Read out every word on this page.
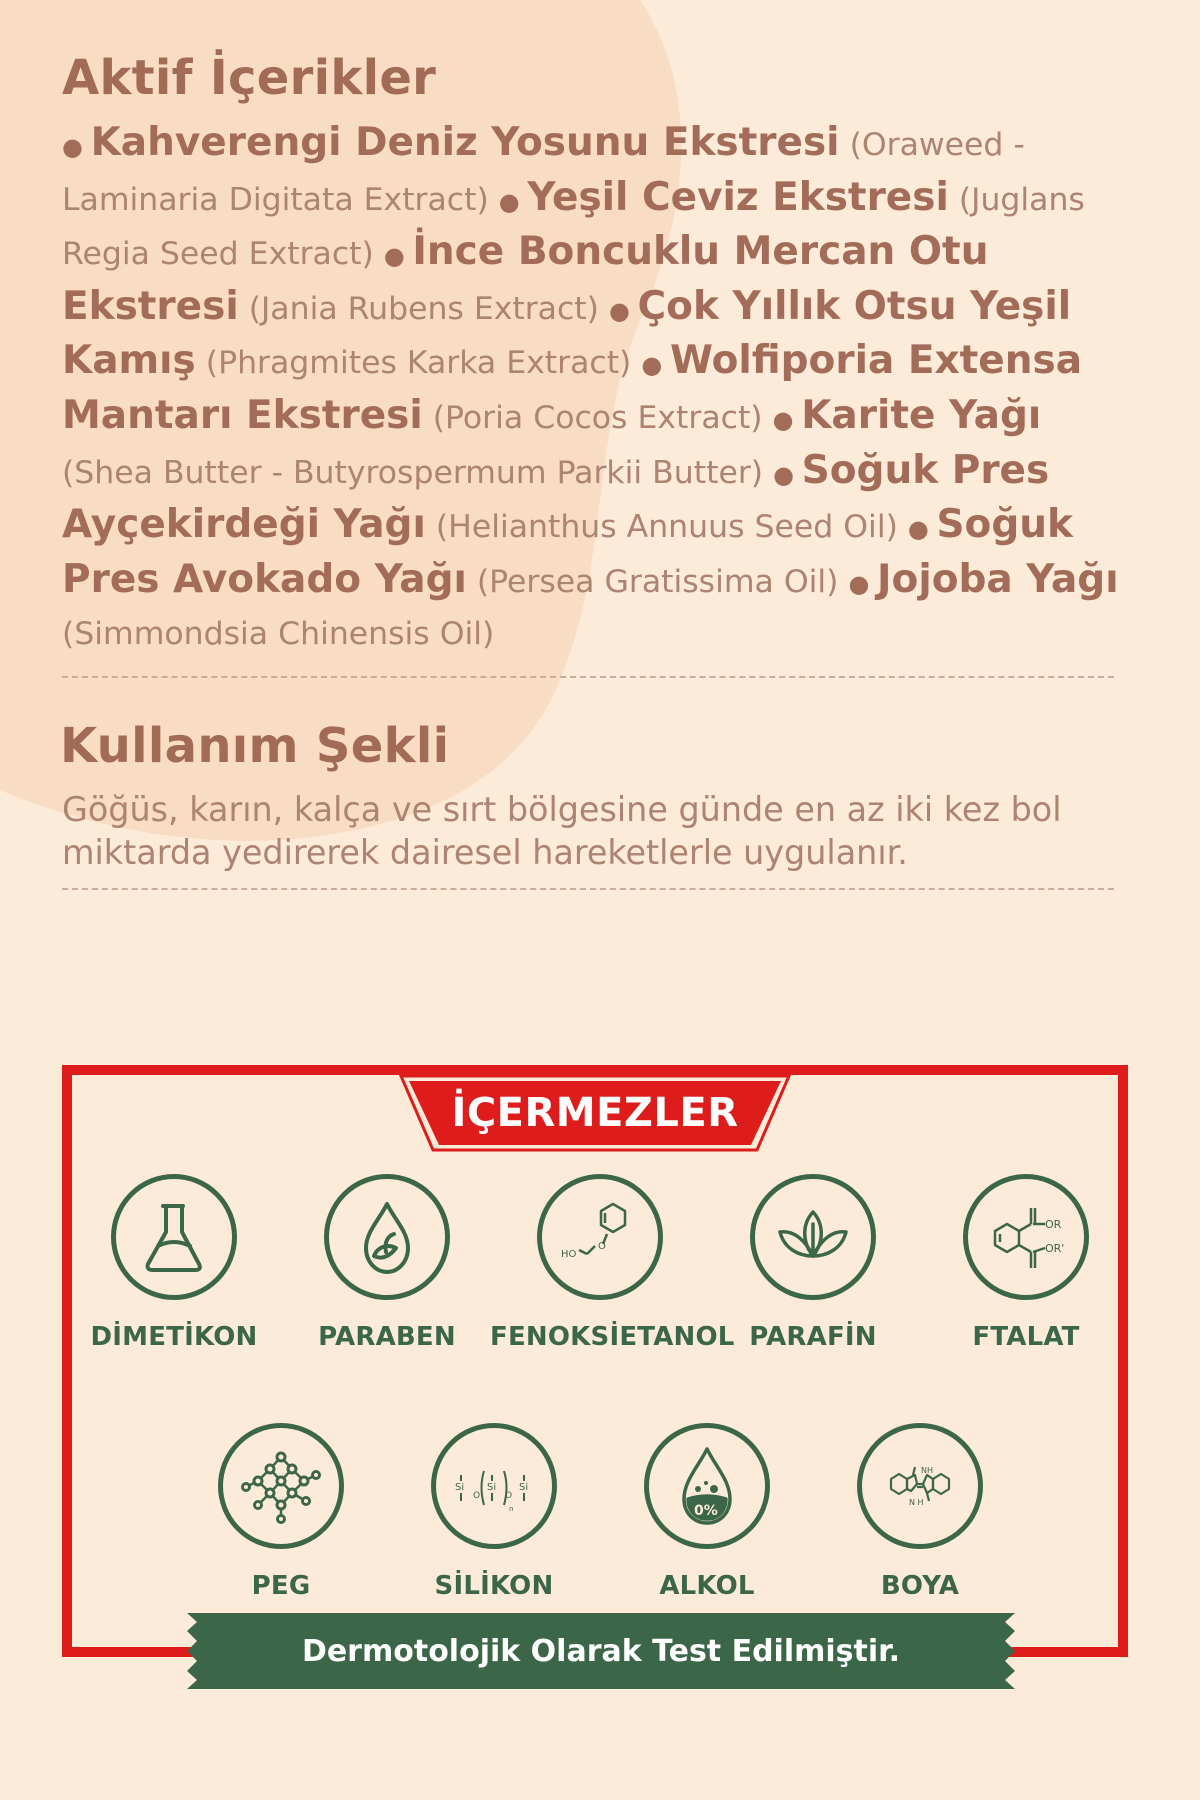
Aktif İçerikler
● Kahverengi Deniz Yosunu Ekstresi (Oraweed - Laminaria Digitata Extract) ● Yeşil Ceviz Ekstresi (Juglans Regia Seed Extract) ● İnce Boncuklu Mercan Otu Ekstresi (Jania Rubens Extract) ● Çok Yıllık Otsu Yeşil Kamış (Phragmites Karka Extract) ● Wolfiporia Extensa Mantarı Ekstresi (Poria Cocos Extract) ● Karite Yağı (Shea Butter - Butyrospermum Parkii Butter) ● Soğuk Pres Ayçekirdeği Yağı (Helianthus Annuus Seed Oil) ● Soğuk Pres Avokado Yağı (Persea Gratissima Oil) ● Jojoba Yağı (Simmondsia Chinensis Oil)
Kullanım Şekli
Göğüs, karın, kalça ve sırt bölgesine günde en az iki kez bol miktarda yedirerek dairesel hareketlerle uygulanır.
İÇERMEZLER
DİMETİKON	PARABEN
O
HO
FENOKSİETANOL PARAFİN
OR
OR'
FTALAT
PEG
Si
O
Si
O
Si
n
SİLİKON
0%
ALKOL
NH
N H
BOYA
Dermotolojik Olarak Test Edilmiştir.
